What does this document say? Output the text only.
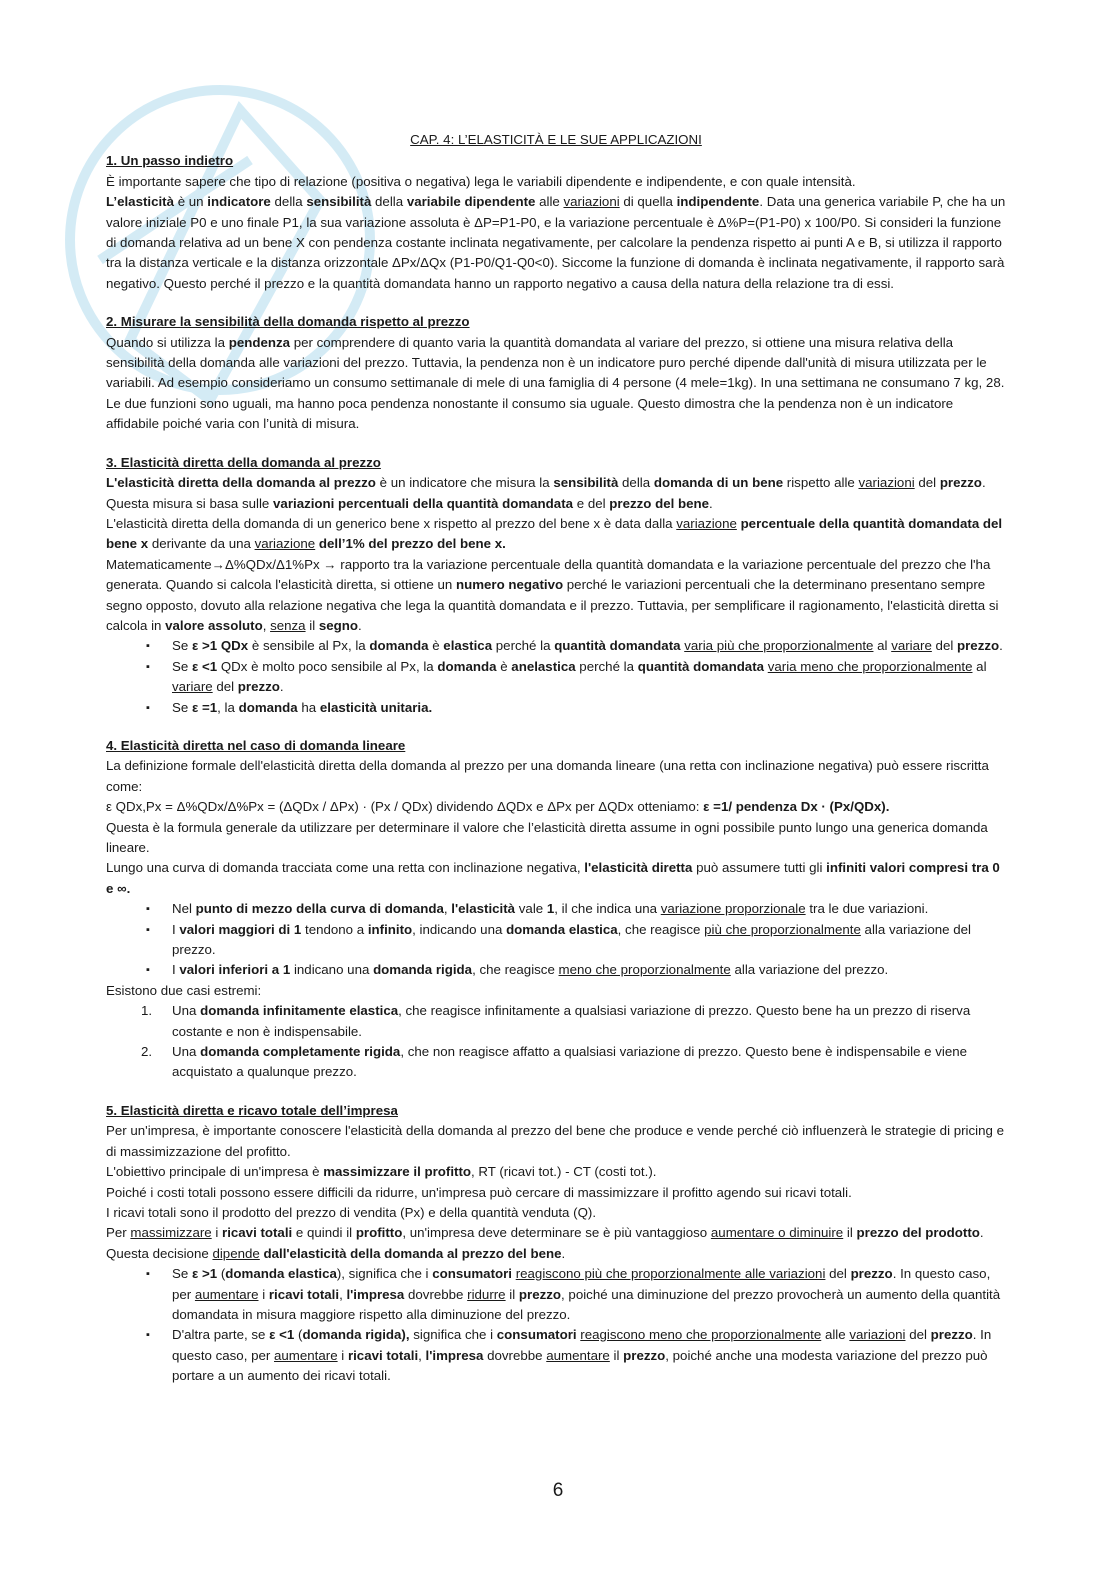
CAP. 4: L’ELASTICITÀ E LE SUE APPLICAZIONI
1. Un passo indietro

È importante sapere che tipo di relazione (positiva o negativa) lega le variabili dipendente e indipendente, e con quale intensità.

L’elasticità è un indicatore della sensibilità della variabile dipendente alle variazioni di quella indipendente. Data una generica variabile P, che ha un valore iniziale P0 e uno finale P1, la sua variazione assoluta è ΔP=P1-P0, e la variazione percentuale è Δ%P=(P1-P0) x 100/P0. Si consideri la funzione di domanda relativa ad un bene X con pendenza costante inclinata negativamente, per calcolare la pendenza rispetto ai punti A e B, si utilizza il rapporto tra la distanza verticale e la distanza orizzontale ΔPx/ΔQx (P1-P0/Q1-Q0<0). Siccome la funzione di domanda è inclinata negativamente, il rapporto sarà negativo. Questo perché il prezzo e la quantità domandata hanno un rapporto negativo a causa della natura della relazione tra di essi.

2. Misurare la sensibilità della domanda rispetto al prezzo

Quando si utilizza la pendenza per comprendere di quanto varia la quantità domandata al variare del prezzo, si ottiene una misura relativa della sensibilità della domanda alle variazioni del prezzo. Tuttavia, la pendenza non è un indicatore puro perché dipende dall'unità di misura utilizzata per le variabili. Ad esempio consideriamo un consumo settimanale di mele di una famiglia di 4 persone (4 mele=1kg). In una settimana ne consumano 7 kg, 28. Le due funzioni sono uguali, ma hanno poca pendenza nonostante il consumo sia uguale. Questo dimostra che la pendenza non è un indicatore affidabile poiché varia con l’unità di misura.

3. Elasticità diretta della domanda al prezzo

L'elasticità diretta della domanda al prezzo è un indicatore che misura la sensibilità della domanda di un bene rispetto alle variazioni del prezzo. Questa misura si basa sulle variazioni percentuali della quantità domandata e del prezzo del bene.

L'elasticità diretta della domanda di un generico bene x rispetto al prezzo del bene x è data dalla variazione percentuale della quantità domandata del bene x derivante da una variazione dell’1% del prezzo del bene x.

Matematicamente→Δ%QDx/Δ1%Px → rapporto tra la variazione percentuale della quantità domandata e la variazione percentuale del prezzo che l'ha generata. Quando si calcola l'elasticità diretta, si ottiene un numero negativo perché le variazioni percentuali che la determinano presentano sempre segno opposto, dovuto alla relazione negativa che lega la quantità domandata e il prezzo. Tuttavia, per semplificare il ragionamento, l'elasticità diretta si calcola in valore assoluto, senza il segno.

▪ Se ε >1 QDx è sensibile al Px, la domanda è elastica perché la quantità domandata varia più che proporzionalmente al variare del prezzo.
▪ Se ε <1 QDx è molto poco sensibile al Px, la domanda è anelastica perché la quantità domandata varia meno che proporzionalmente al variare del prezzo.
▪ Se ε =1, la domanda ha elasticità unitaria.
4. Elasticità diretta nel caso di domanda lineare

La definizione formale dell'elasticità diretta della domanda al prezzo per una domanda lineare (una retta con inclinazione negativa) può essere riscritta come:

ε QDx,Px = Δ%QDx/Δ%Px = (ΔQDx / ΔPx) · (Px / QDx) dividendo ΔQDx e ΔPx per ΔQDx otteniamo: ε =1/ pendenza Dx · (Px/QDx).

Questa è la formula generale da utilizzare per determinare il valore che l’elasticità diretta assume in ogni possibile punto lungo una generica domanda lineare.

Lungo una curva di domanda tracciata come una retta con inclinazione negativa, l'elasticità diretta può assumere tutti gli infiniti valori compresi tra 0 e ∞.

▪ Nel punto di mezzo della curva di domanda, l'elasticità vale 1, il che indica una variazione proporzionale tra le due variazioni.
▪ I valori maggiori di 1 tendono a infinito, indicando una domanda elastica, che reagisce più che proporzionalmente alla variazione del prezzo.
▪ I valori inferiori a 1 indicano una domanda rigida, che reagisce meno che proporzionalmente alla variazione del prezzo.

Esistono due casi estremi:

1. Una domanda infinitamente elastica, che reagisce infinitamente a qualsiasi variazione di prezzo. Questo bene ha un prezzo di riserva costante e non è indispensabile.
2. Una domanda completamente rigida, che non reagisce affatto a qualsiasi variazione di prezzo. Questo bene è indispensabile e viene acquistato a qualunque prezzo.
5. Elasticità diretta e ricavo totale dell’impresa

Per un'impresa, è importante conoscere l'elasticità della domanda al prezzo del bene che produce e vende perché ciò influenzerà le strategie di pricing e di massimizzazione del profitto.

L'obiettivo principale di un'impresa è massimizzare il profitto, RT (ricavi tot.) - CT (costi tot.).

Poiché i costi totali possono essere difficili da ridurre, un'impresa può cercare di massimizzare il profitto agendo sui ricavi totali.

I ricavi totali sono il prodotto del prezzo di vendita (Px) e della quantità venduta (Q).

Per massimizzare i ricavi totali e quindi il profitto, un'impresa deve determinare se è più vantaggioso aumentare o diminuire il prezzo del prodotto. Questa decisione dipende dall'elasticità della domanda al prezzo del bene.

▪ Se ε >1 (domanda elastica), significa che i consumatori reagiscono più che proporzionalmente alle variazioni del prezzo. In questo caso, per aumentare i ricavi totali, l'impresa dovrebbe ridurre il prezzo, poiché una diminuzione del prezzo provocherà un aumento della quantità domandata in misura maggiore rispetto alla diminuzione del prezzo.
▪ D'altra parte, se ε <1 (domanda rigida), significa che i consumatori reagiscono meno che proporzionalmente alle variazioni del prezzo. In questo caso, per aumentare i ricavi totali, l'impresa dovrebbe aumentare il prezzo, poiché anche una modesta variazione del prezzo può portare a un aumento dei ricavi totali.
6
